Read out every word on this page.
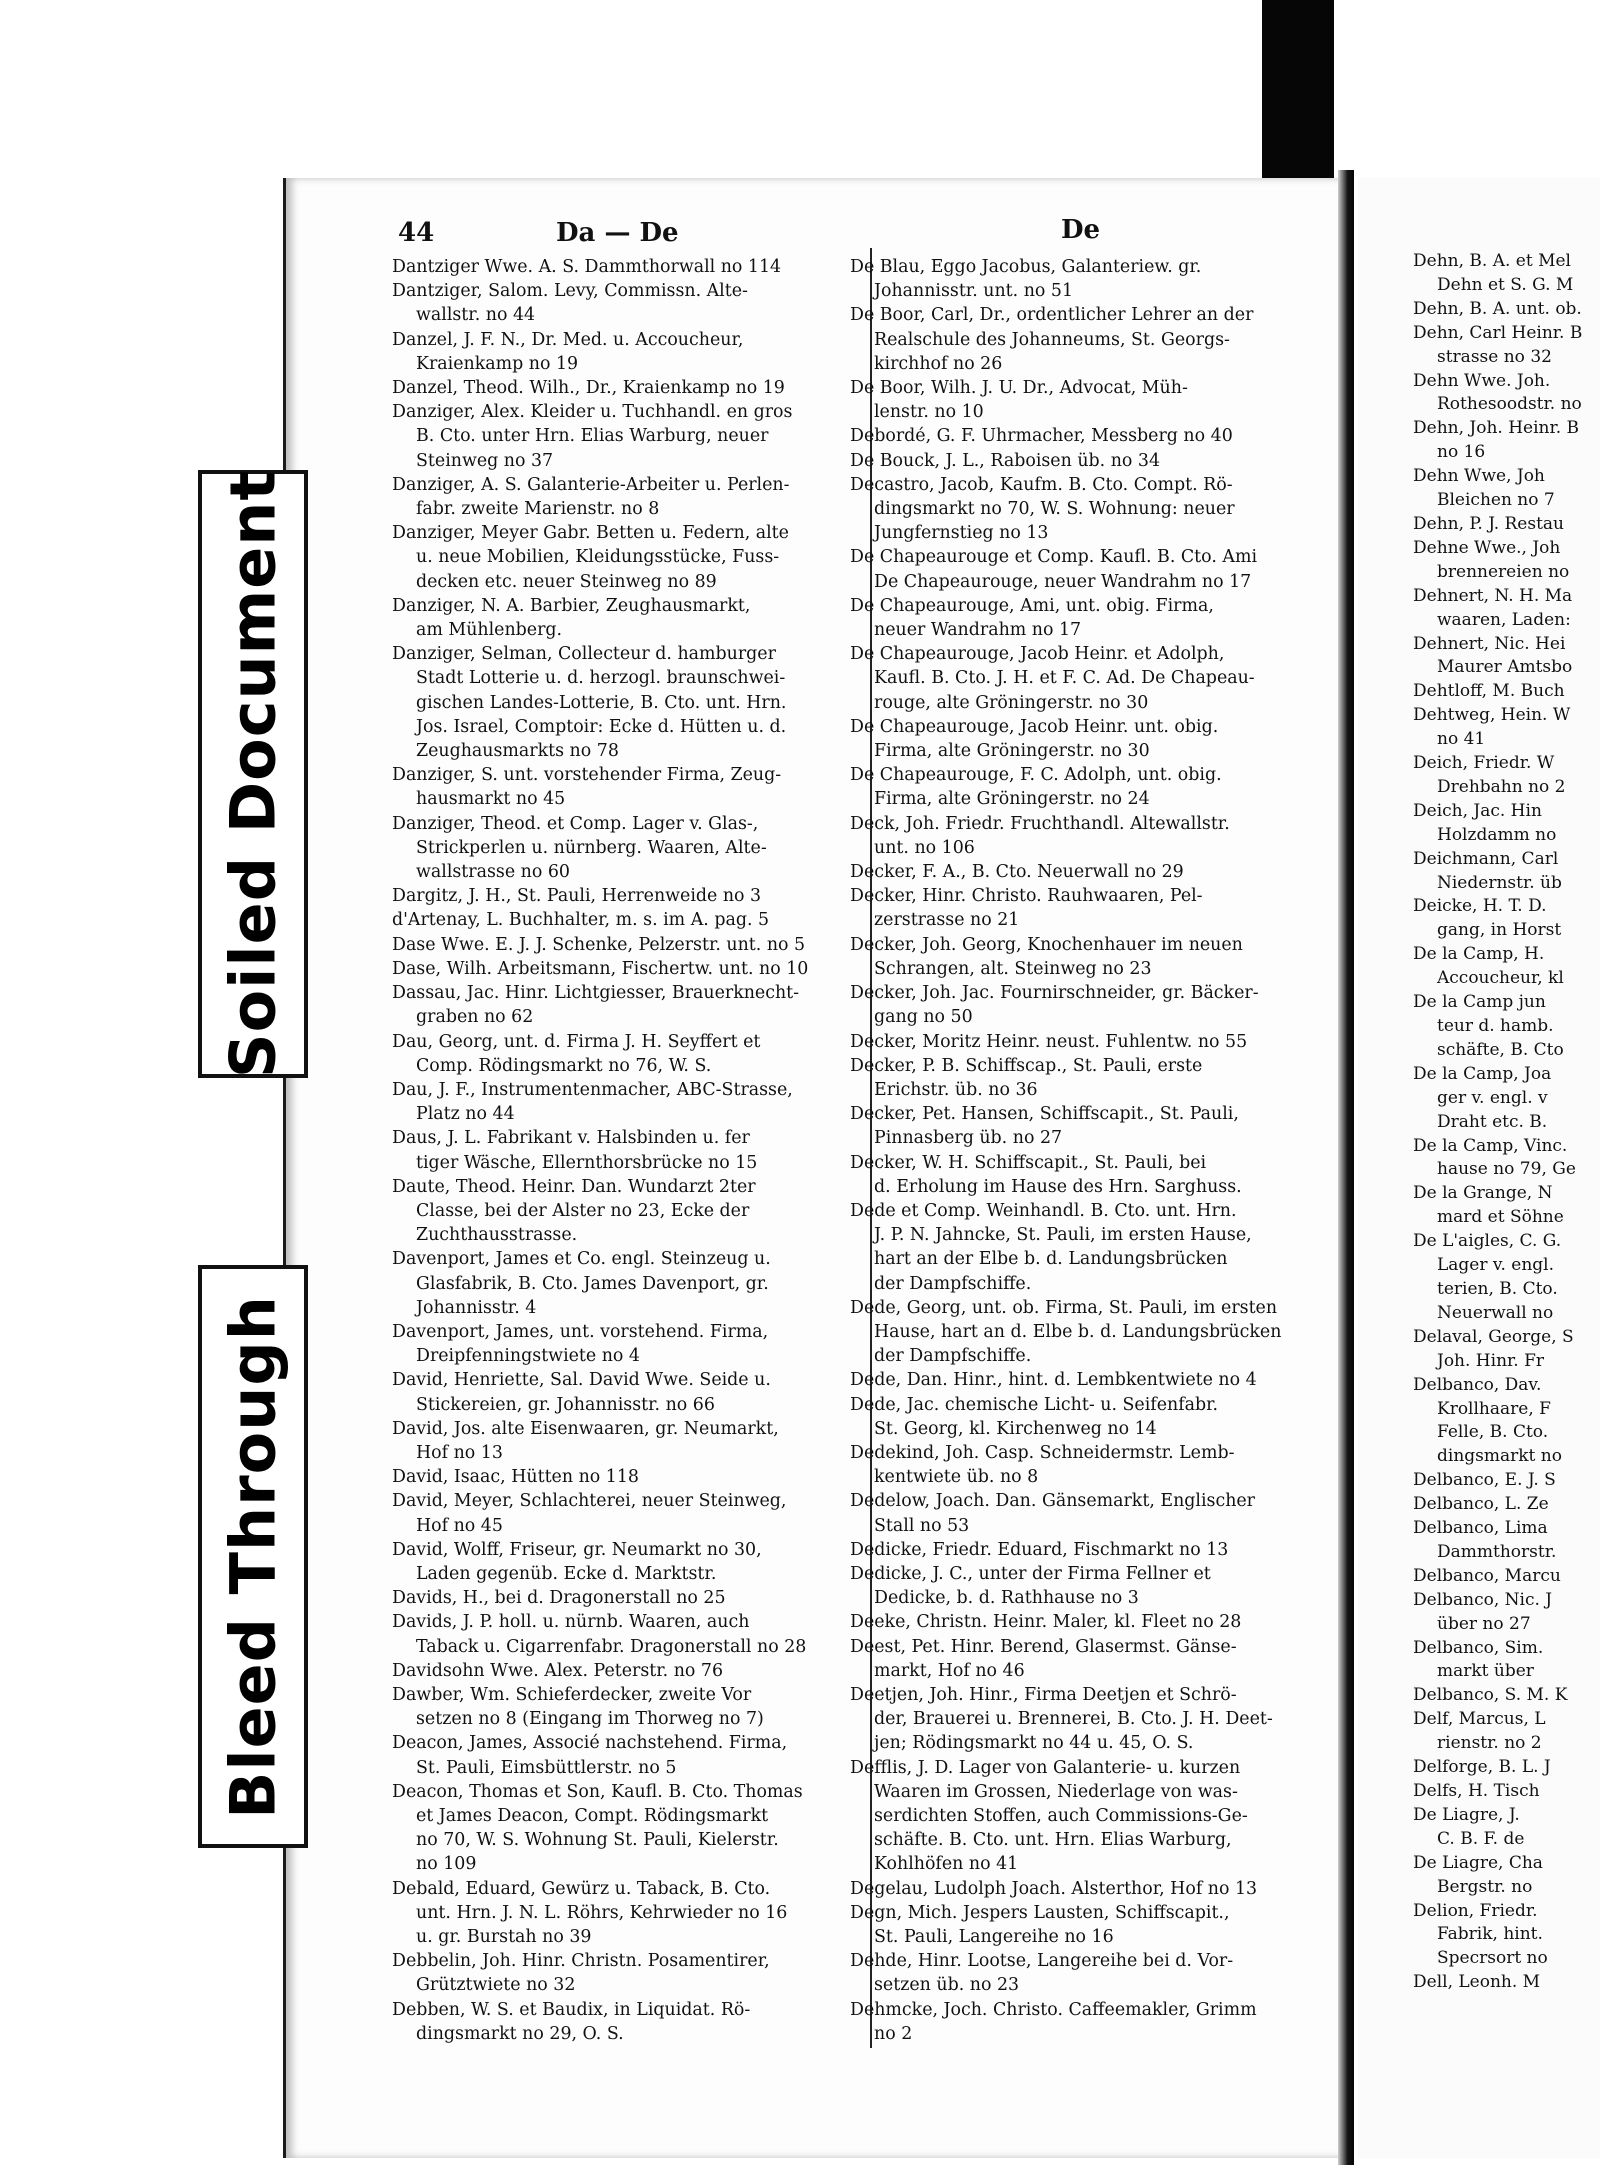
44	Da — De	De
Soiled Document
Bleed Through
Dantziger Wwe. A. S. Dammthorwall no 114
Dantziger, Salom. Levy, Commissn. Alte-
wallstr. no 44
Danzel, J. F. N., Dr. Med. u. Accoucheur,
Kraienkamp no 19
Danzel, Theod. Wilh., Dr., Kraienkamp no 19
Danziger, Alex. Kleider u. Tuchhandl. en gros
B. Cto. unter Hrn. Elias Warburg, neuer
Steinweg no 37
Danziger, A. S. Galanterie-Arbeiter u. Perlen-
fabr. zweite Marienstr. no 8
Danziger, Meyer Gabr. Betten u. Federn, alte
u. neue Mobilien, Kleidungsstücke, Fuss-
decken etc. neuer Steinweg no 89
Danziger, N. A. Barbier, Zeughausmarkt,
am Mühlenberg.
Danziger, Selman, Collecteur d. hamburger
Stadt Lotterie u. d. herzogl. braunschwei-
gischen Landes-Lotterie, B. Cto. unt. Hrn.
Jos. Israel, Comptoir: Ecke d. Hütten u. d.
Zeughausmarkts no 78
Danziger, S. unt. vorstehender Firma, Zeug-
hausmarkt no 45
Danziger, Theod. et Comp. Lager v. Glas-,
Strickperlen u. nürnberg. Waaren, Alte-
wallstrasse no 60
Dargitz, J. H., St. Pauli, Herrenweide no 3
d'Artenay, L. Buchhalter, m. s. im A. pag. 5
Dase Wwe. E. J. J. Schenke, Pelzerstr. unt. no 5
Dase, Wilh. Arbeitsmann, Fischertw. unt. no 10
Dassau, Jac. Hinr. Lichtgiesser, Brauerknecht-
graben no 62
Dau, Georg, unt. d. Firma J. H. Seyffert et
Comp. Rödingsmarkt no 76, W. S.
Dau, J. F., Instrumentenmacher, ABC-Strasse,
Platz no 44
Daus, J. L. Fabrikant v. Halsbinden u. fer
tiger Wäsche, Ellernthorsbrücke no 15
Daute, Theod. Heinr. Dan. Wundarzt 2ter
Classe, bei der Alster no 23, Ecke der
Zuchthausstrasse.
Davenport, James et Co. engl. Steinzeug u.
Glasfabrik, B. Cto. James Davenport, gr.
Johannisstr. 4
Davenport, James, unt. vorstehend. Firma,
Dreipfenningstwiete no 4
David, Henriette, Sal. David Wwe. Seide u.
Stickereien, gr. Johannisstr. no 66
David, Jos. alte Eisenwaaren, gr. Neumarkt,
Hof no 13
David, Isaac, Hütten no 118
David, Meyer, Schlachterei, neuer Steinweg,
Hof no 45
David, Wolff, Friseur, gr. Neumarkt no 30,
Laden gegenüb. Ecke d. Marktstr.
Davids, H., bei d. Dragonerstall no 25
Davids, J. P. holl. u. nürnb. Waaren, auch
Taback u. Cigarrenfabr. Dragonerstall no 28
Davidsohn Wwe. Alex. Peterstr. no 76
Dawber, Wm. Schieferdecker, zweite Vor
setzen no 8 (Eingang im Thorweg no 7)
Deacon, James, Associé nachstehend. Firma,
St. Pauli, Eimsbüttlerstr. no 5
Deacon, Thomas et Son, Kaufl. B. Cto. Thomas
et James Deacon, Compt. Rödingsmarkt
no 70, W. S. Wohnung St. Pauli, Kielerstr.
no 109
Debald, Eduard, Gewürz u. Taback, B. Cto.
unt. Hrn. J. N. L. Röhrs, Kehrwieder no 16
u. gr. Burstah no 39
Debbelin, Joh. Hinr. Christn. Posamentirer,
Grütztwiete no 32
Debben, W. S. et Baudix, in Liquidat. Rö-
dingsmarkt no 29, O. S.
De Blau, Eggo Jacobus, Galanteriew. gr.
Johannisstr. unt. no 51
De Boor, Carl, Dr., ordentlicher Lehrer an der
Realschule des Johanneums, St. Georgs-
kirchhof no 26
De Boor, Wilh. J. U. Dr., Advocat, Müh-
lenstr. no 10
Debordé, G. F. Uhrmacher, Messberg no 40
De Bouck, J. L., Raboisen üb. no 34
Decastro, Jacob, Kaufm. B. Cto. Compt. Rö-
dingsmarkt no 70, W. S. Wohnung: neuer
Jungfernstieg no 13
De Chapeaurouge et Comp. Kaufl. B. Cto. Ami
De Chapeaurouge, neuer Wandrahm no 17
De Chapeaurouge, Ami, unt. obig. Firma,
neuer Wandrahm no 17
De Chapeaurouge, Jacob Heinr. et Adolph,
Kaufl. B. Cto. J. H. et F. C. Ad. De Chapeau-
rouge, alte Gröningerstr. no 30
De Chapeaurouge, Jacob Heinr. unt. obig.
Firma, alte Gröningerstr. no 30
De Chapeaurouge, F. C. Adolph, unt. obig.
Firma, alte Gröningerstr. no 24
Deck, Joh. Friedr. Fruchthandl. Altewallstr.
unt. no 106
Decker, F. A., B. Cto. Neuerwall no 29
Decker, Hinr. Christo. Rauhwaaren, Pel-
zerstrasse no 21
Decker, Joh. Georg, Knochenhauer im neuen
Schrangen, alt. Steinweg no 23
Decker, Joh. Jac. Fournirschneider, gr. Bäcker-
gang no 50
Decker, Moritz Heinr. neust. Fuhlentw. no 55
Decker, P. B. Schiffscap., St. Pauli, erste
Erichstr. üb. no 36
Decker, Pet. Hansen, Schiffscapit., St. Pauli,
Pinnasberg üb. no 27
Decker, W. H. Schiffscapit., St. Pauli, bei
d. Erholung im Hause des Hrn. Sarghuss.
Dede et Comp. Weinhandl. B. Cto. unt. Hrn.
J. P. N. Jahncke, St. Pauli, im ersten Hause,
hart an der Elbe b. d. Landungsbrücken
der Dampfschiffe.
Dede, Georg, unt. ob. Firma, St. Pauli, im ersten
Hause, hart an d. Elbe b. d. Landungsbrücken
der Dampfschiffe.
Dede, Dan. Hinr., hint. d. Lembkentwiete no 4
Dede, Jac. chemische Licht- u. Seifenfabr.
St. Georg, kl. Kirchenweg no 14
Dedekind, Joh. Casp. Schneidermstr. Lemb-
kentwiete üb. no 8
Dedelow, Joach. Dan. Gänsemarkt, Englischer
Stall no 53
Dedicke, Friedr. Eduard, Fischmarkt no 13
Dedicke, J. C., unter der Firma Fellner et
Dedicke, b. d. Rathhause no 3
Deeke, Christn. Heinr. Maler, kl. Fleet no 28
Deest, Pet. Hinr. Berend, Glasermst. Gänse-
markt, Hof no 46
Deetjen, Joh. Hinr., Firma Deetjen et Schrö-
der, Brauerei u. Brennerei, B. Cto. J. H. Deet-
jen; Rödingsmarkt no 44 u. 45, O. S.
Defflis, J. D. Lager von Galanterie- u. kurzen
Waaren im Grossen, Niederlage von was-
serdichten Stoffen, auch Commissions-Ge-
schäfte. B. Cto. unt. Hrn. Elias Warburg,
Kohlhöfen no 41
Degelau, Ludolph Joach. Alsterthor, Hof no 13
Degn, Mich. Jespers Lausten, Schiffscapit.,
St. Pauli, Langereihe no 16
Dehde, Hinr. Lootse, Langereihe bei d. Vor-
setzen üb. no 23
Dehmcke, Joch. Christo. Caffeemakler, Grimm
no 2
Dehn, B. A. et Mel
Dehn et S. G. M
Dehn, B. A. unt. ob.
Dehn, Carl Heinr. B
strasse no 32
Dehn Wwe. Joh.
Rothesoodstr. no
Dehn, Joh. Heinr. B
no 16
Dehn Wwe, Joh
Bleichen no 7
Dehn, P. J. Restau
Dehne Wwe., Joh
brennereien no
Dehnert, N. H. Ma
waaren, Laden:
Dehnert, Nic. Hei
Maurer Amtsbo
Dehtloff, M. Buch
Dehtweg, Hein. W
no 41
Deich, Friedr. W
Drehbahn no 2
Deich, Jac. Hin
Holzdamm no
Deichmann, Carl
Niedernstr. üb
Deicke, H. T. D.
gang, in Horst
De la Camp, H.
Accoucheur, kl
De la Camp jun
teur d. hamb.
schäfte, B. Cto
De la Camp, Joa
ger v. engl. v
Draht etc. B.
De la Camp, Vinc.
hause no 79, Ge
De la Grange, N
mard et Söhne
De L'aigles, C. G.
Lager v. engl.
terien, B. Cto.
Neuerwall no
Delaval, George, S
Joh. Hinr. Fr
Delbanco, Dav.
Krollhaare, F
Felle, B. Cto.
dingsmarkt no
Delbanco, E. J. S
Delbanco, L. Ze
Delbanco, Lima
Dammthorstr.
Delbanco, Marcu
Delbanco, Nic. J
über no 27
Delbanco, Sim.
markt über
Delbanco, S. M. K
Delf, Marcus, L
rienstr. no 2
Delforge, B. L. J
Delfs, H. Tisch
De Liagre, J.
C. B. F. de
De Liagre, Cha
Bergstr. no
Delion, Friedr.
Fabrik, hint.
Specrsort no
Dell, Leonh. M
